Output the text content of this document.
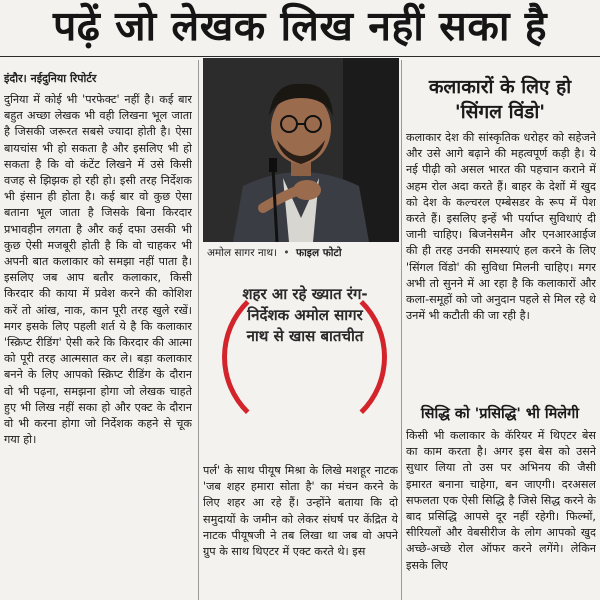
पढ़ें जो लेखक लिख नहीं सका है
इंदौर। नईदुनिया रिपोर्टर

दुनिया में कोई भी 'परफेक्ट' नहीं है। कई बार बहुत अच्छा लेखक भी वही लिखना भूल जाता है जिसकी जरूरत सबसे ज्यादा होती है। ऐसा बायचांस भी हो सकता है और इसलिए भी हो सकता है कि वो कंटेंट लिखने में उसे किसी वजह से झिझक हो रही हो। इसी तरह निर्देशक भी इंसान ही होता है। कई बार वो कुछ ऐसा बताना भूल जाता है जिसके बिना किरदार प्रभावहीन लगता है और कई दफा उसकी भी कुछ ऐसी मजबूरी होती है कि वो चाहकर भी अपनी बात कलाकार को समझा नहीं पाता है। इसलिए जब आप बतौर कलाकार, किसी किरदार की काया में प्रवेश करने की कोशिश करें तो आंख, नाक, कान पूरी तरह खुले रखें। मगर इसके लिए पहली शर्त ये है कि कलाकार 'स्क्रिप्ट रीडिंग' ऐसी करे कि किरदार की आत्मा को पूरी तरह आत्मसात कर ले। बड़ा कलाकार बनने के लिए आपको स्क्रिप्ट रीडिंग के दौरान वो भी पढ़ना, समझना होगा जो लेखक चाहते हुए भी लिख नहीं सका हो और एक्ट के दौरान वो भी करना होगा जो निर्देशक कहने से चूक गया हो।

अमोल सागर नाथ। • फाइल फोटो
शहर आ रहे ख्यात रंग-निर्देशक अमोल सागर नाथ से खास बातचीत

पर्ल' के साथ पीयूष मिश्रा के लिखे मशहूर नाटक 'जब शहर हमारा सोता है' का मंचन करने के लिए शहर आ रहे हैं। उन्होंने बताया कि दो समुदायों के जमीन को लेकर संघर्ष पर केंद्रित ये नाटक पीयूषजी ने तब लिखा था जब वो अपने ग्रुप के साथ थिएटर में एक्ट करते थे। इस

कलाकारों के लिए हो 'सिंगल विंडो'

कलाकार देश की सांस्कृतिक धरोहर को सहेजने और उसे आगे बढ़ाने की महत्वपूर्ण कड़ी है। ये नई पीढ़ी को असल भारत की पहचान कराने में अहम रोल अदा करते हैं। बाहर के देशों में खुद को देश के कल्चरल एम्बेसडर के रूप में पेश करते हैं। इसलिए इन्हें भी पर्याप्त सुविधाएं दी जानी चाहिए। बिजनेसमैन और एनआरआईज की ही तरह उनकी समस्याएं हल करने के लिए 'सिंगल विंडो' की सुविधा मिलनी चाहिए। मगर अभी तो सुनने में आ रहा है कि कलाकारों और कला-समूहों को जो अनुदान पहले से मिल रहे थे उनमें भी कटौती की जा रही है।

सिद्धि को 'प्रसिद्धि' भी मिलेगी

किसी भी कलाकार के कॅरियर में थिएटर बेस का काम करता है। अगर इस बेस को उसने सुधार लिया तो उस पर अभिनय की जैसी इमारत बनाना चाहेगा, बन जाएगी। दरअसल सफलता एक ऐसी सिद्धि है जिसे सिद्ध करने के बाद प्रसिद्धि आपसे दूर नहीं रहेगी। फिल्मों, सीरियलों और वेबसीरीज के लोग आपको खुद अच्छे-अच्छे रोल ऑफर करने लगेंगे। लेकिन इसके लिए
